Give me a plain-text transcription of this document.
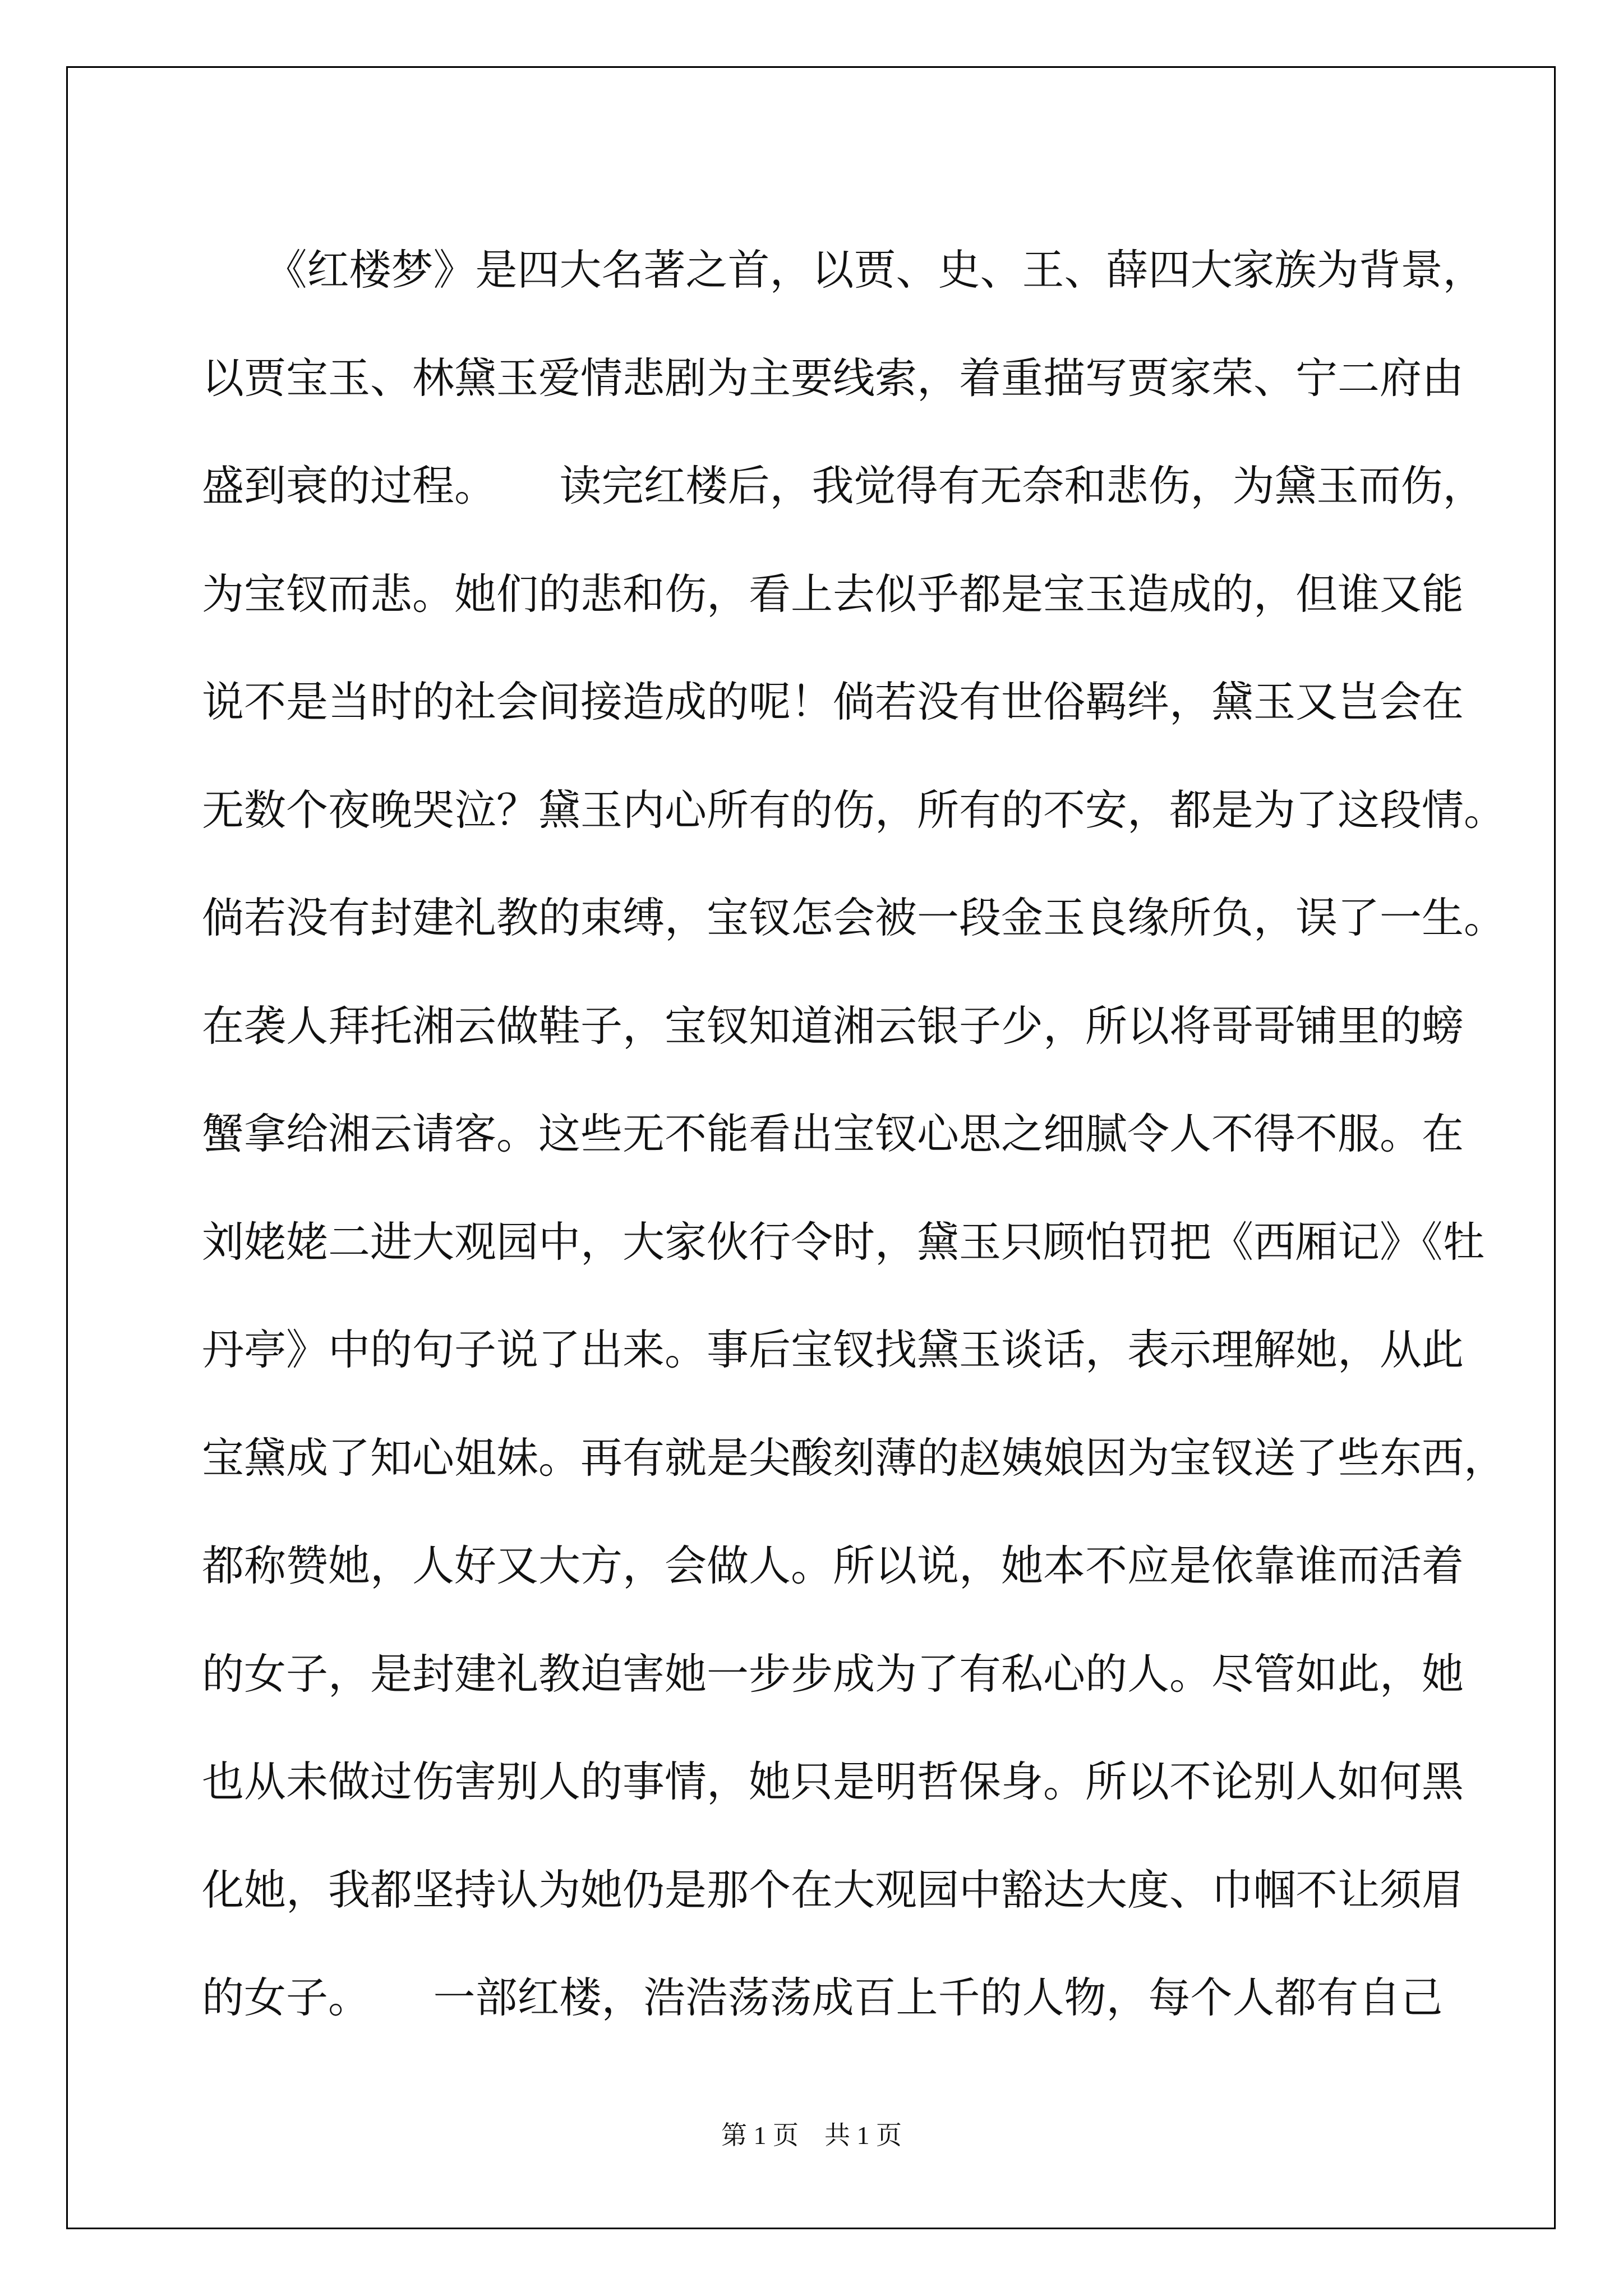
　　《红楼梦》是四大名著之首，以贾、史、王、薛四大家族为背景，
以贾宝玉、林黛玉爱情悲剧为主要线索，着重描写贾家荣、宁二府由
盛到衰的过程。　　读完红楼后，我觉得有无奈和悲伤，为黛玉而伤，
为宝钗而悲。她们的悲和伤，看上去似乎都是宝玉造成的，但谁又能
说不是当时的社会间接造成的呢！倘若没有世俗羁绊，黛玉又岂会在
无数个夜晚哭泣？黛玉内心所有的伤，所有的不安，都是为了这段情。
倘若没有封建礼教的束缚，宝钗怎会被一段金玉良缘所负，误了一生。
在袭人拜托湘云做鞋子，宝钗知道湘云银子少，所以将哥哥铺里的螃
蟹拿给湘云请客。这些无不能看出宝钗心思之细腻令人不得不服。在
刘姥姥二进大观园中，大家伙行令时，黛玉只顾怕罚把《西厢记》《牡
丹亭》中的句子说了出来。事后宝钗找黛玉谈话，表示理解她，从此
宝黛成了知心姐妹。再有就是尖酸刻薄的赵姨娘因为宝钗送了些东西，
都称赞她，人好又大方，会做人。所以说，她本不应是依靠谁而活着
的女子，是封建礼教迫害她一步步成为了有私心的人。尽管如此，她
也从未做过伤害别人的事情，她只是明哲保身。所以不论别人如何黑
化她，我都坚持认为她仍是那个在大观园中豁达大度、巾帼不让须眉
的女子。　　一部红楼，浩浩荡荡成百上千的人物，每个人都有自己
第 1 页　共 1 页
